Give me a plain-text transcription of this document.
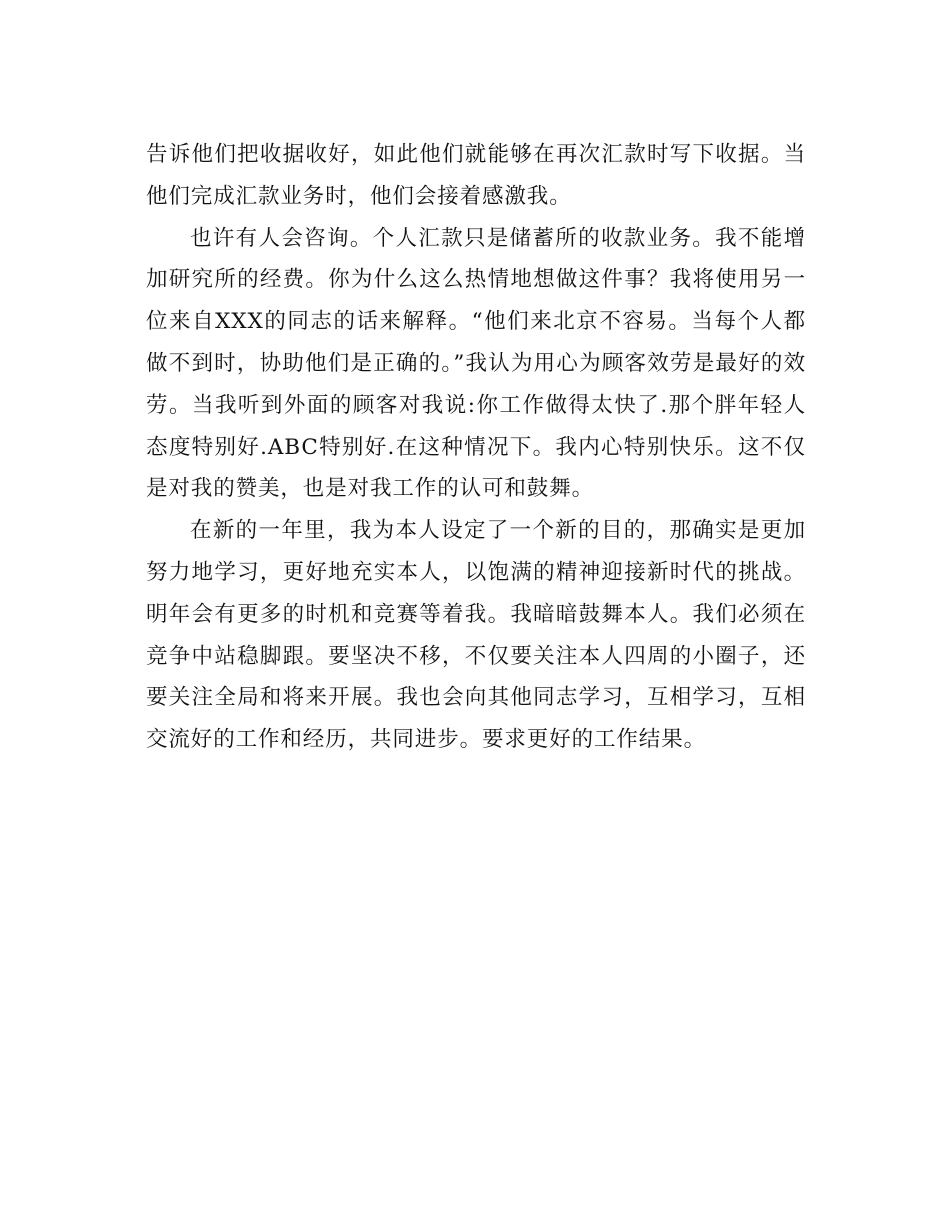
告诉他们把收据收好，如此他们就能够在再次汇款时写下收据。当他们完成汇款业务时，他们会接着感激我。

也许有人会咨询。个人汇款只是储蓄所的收款业务。我不能增加研究所的经费。你为什么这么热情地想做这件事？我将使用另一位来自XXX的同志的话来解释。“他们来北京不容易。当每个人都做不到时，协助他们是正确的。”我认为用心为顾客效劳是最好的效劳。当我听到外面的顾客对我说:你工作做得太快了.那个胖年轻人态度特别好.ABC特别好.在这种情况下。我内心特别快乐。这不仅是对我的赞美，也是对我工作的认可和鼓舞。

在新的一年里，我为本人设定了一个新的目的，那确实是更加努力地学习，更好地充实本人，以饱满的精神迎接新时代的挑战。明年会有更多的时机和竞赛等着我。我暗暗鼓舞本人。我们必须在竞争中站稳脚跟。要坚决不移，不仅要关注本人四周的小圈子，还要关注全局和将来开展。我也会向其他同志学习，互相学习，互相交流好的工作和经历，共同进步。要求更好的工作结果。
